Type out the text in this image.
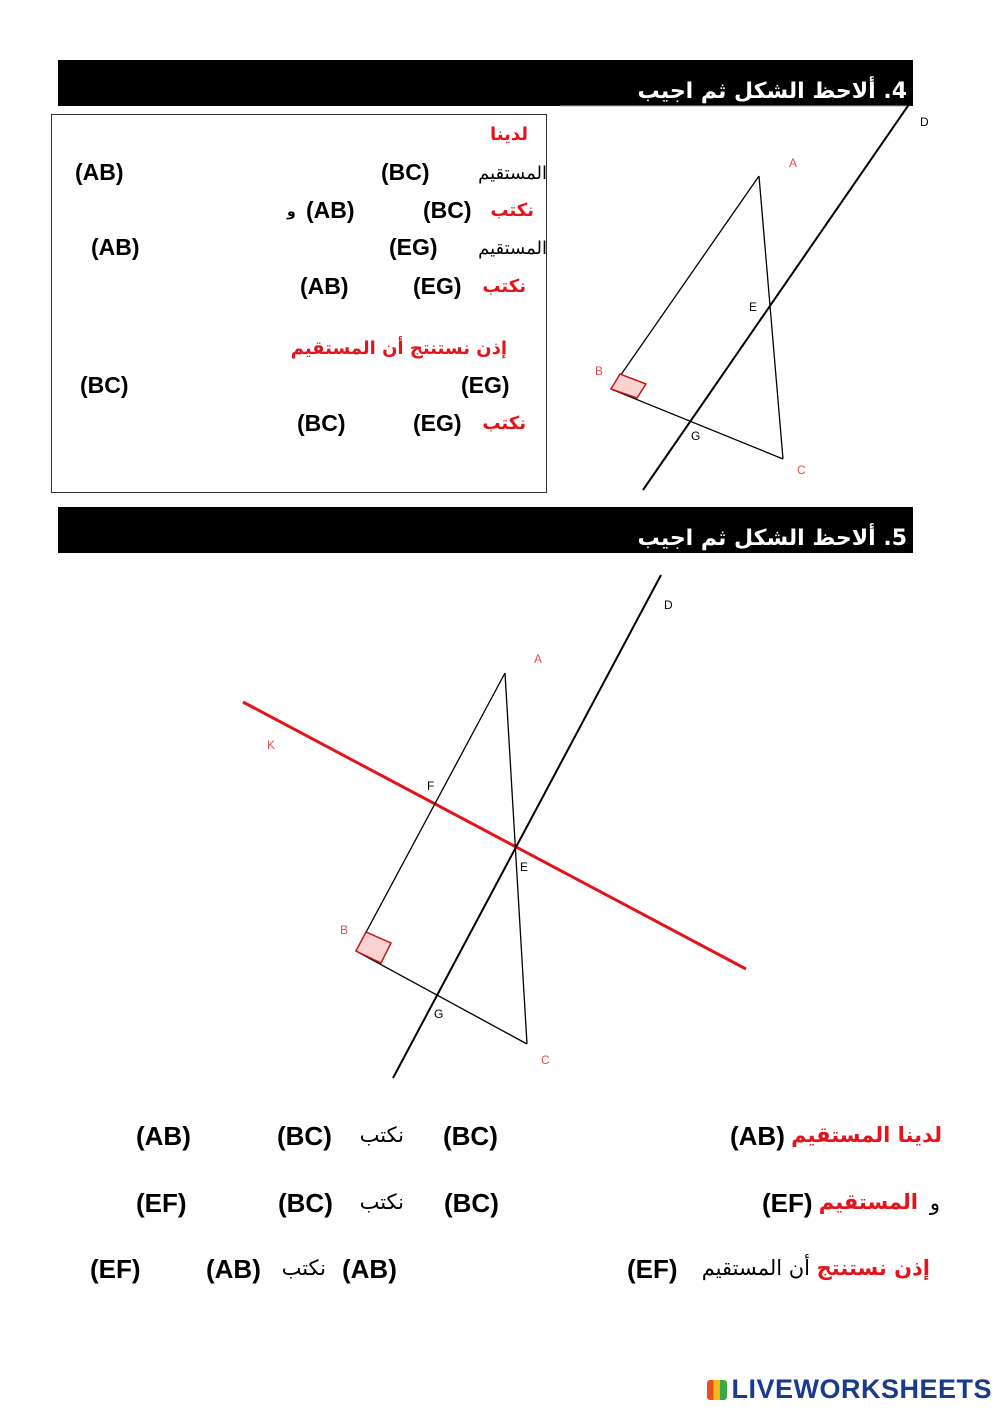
4. ألاحظ الشكل ثم اجيب
لدينا
المستقيم
(BC)
(AB)
نكتب
(BC)
(AB)
و
المستقيم
(EG)
(AB)
نكتب
(EG)
(AB)
إذن نستنتج أن المستقيم
(EG)
(BC)
نكتب
(EG)
(BC)
A
B
C
D
E
G
5. ألاحظ الشكل ثم اجيب
A
B
C
D
E
F
G
K
لدينا المستقيم
(AB)
(BC)
نكتب
(BC)
(AB)
و
المستقيم
(EF)
(BC)
نكتب
(BC)
(EF)
إذن نستنتج
أن المستقيم
(EF)
(AB)
نكتب
(AB)
(EF)
LIVEWORKSHEETS
